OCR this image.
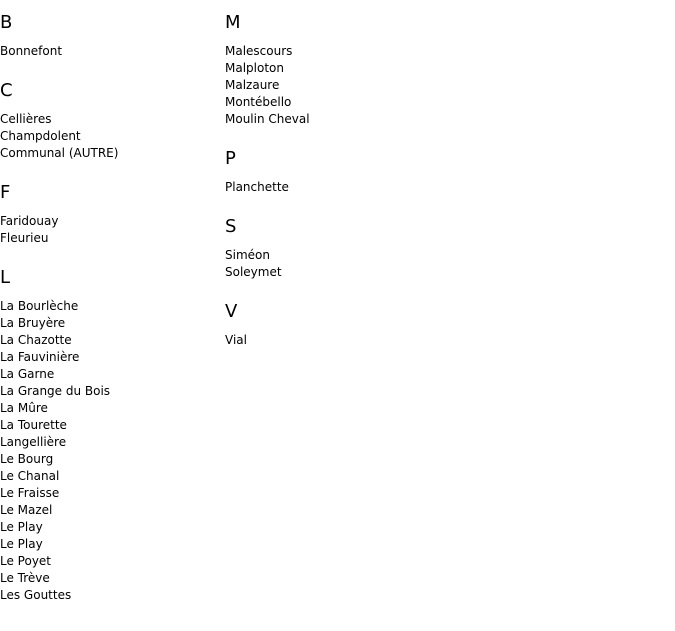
B
Bonnefont
C
Cellières
Champdolent
Communal (AUTRE)
F
Faridouay
Fleurieu
L
La Bourlèche
La Bruyère
La Chazotte
La Fauvinière
La Garne
La Grange du Bois
La Mûre
La Tourette
Langellière
Le Bourg
Le Chanal
Le Fraisse
Le Mazel
Le Play
Le Play
Le Poyet
Le Trève
Les Gouttes
M
Malescours
Malploton
Malzaure
Montébello
Moulin Cheval
P
Planchette
S
Siméon
Soleymet
V
Vial
